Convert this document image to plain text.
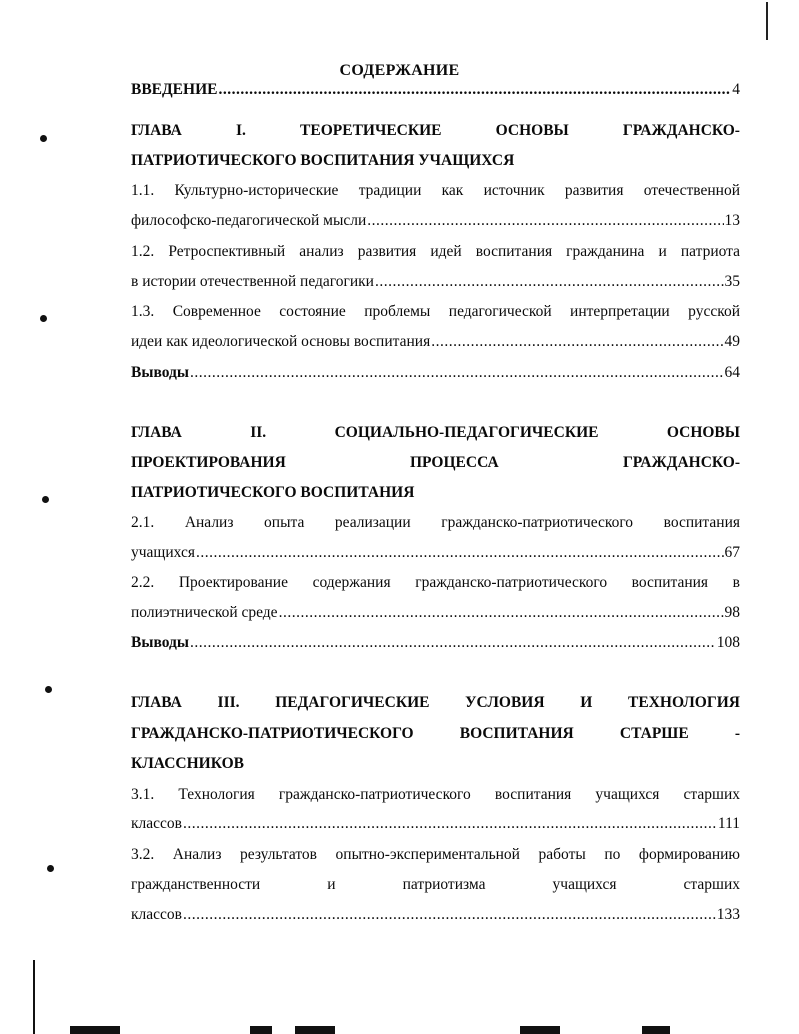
СОДЕРЖАНИЕ
ВВЕДЕНИЕ .....	4
ГЛАВА	I.	ТЕОРЕТИЧЕСКИЕ	ОСНОВЫ	ГРАЖДАНСКО-
ПАТРИОТИЧЕСКОГО ВОСПИТАНИЯ УЧАЩИХСЯ
1.1. Культурно-исторические традиции как источник развития отечественной
философско-педагогической мысли .....	13
1.2. Ретроспективный анализ развития идей воспитания гражданина и патриота
в истории отечественной педагогики .....	35
1.3. Современное состояние проблемы педагогической интерпретации русской
идеи как идеологической основы воспитания .....	49
Выводы .....	64
ГЛАВА	II.	СОЦИАЛЬНО-ПЕДАГОГИЧЕСКИЕ	ОСНОВЫ
ПРОЕКТИРОВАНИЯ	ПРОЦЕССА	ГРАЖДАНСКО-
ПАТРИОТИЧЕСКОГО ВОСПИТАНИЯ
2.1. Анализ опыта реализации гражданско-патриотического воспитания
учащихся .....	67
2.2. Проектирование содержания гражданско-патриотического воспитания в
полиэтнической среде .....	98
Выводы .....	108
ГЛАВА III. ПЕДАГОГИЧЕСКИЕ УСЛОВИЯ И ТЕХНОЛОГИЯ
ГРАЖДАНСКО-ПАТРИОТИЧЕСКОГО	ВОСПИТАНИЯ	СТАРШЕ	-
КЛАССНИКОВ
3.1. Технология гражданско-патриотического воспитания учащихся старших
классов .....	111
3.2. Анализ результатов опытно-экспериментальной работы по формированию
гражданственности	и	патриотизма	учащихся	старших
классов .....	133
